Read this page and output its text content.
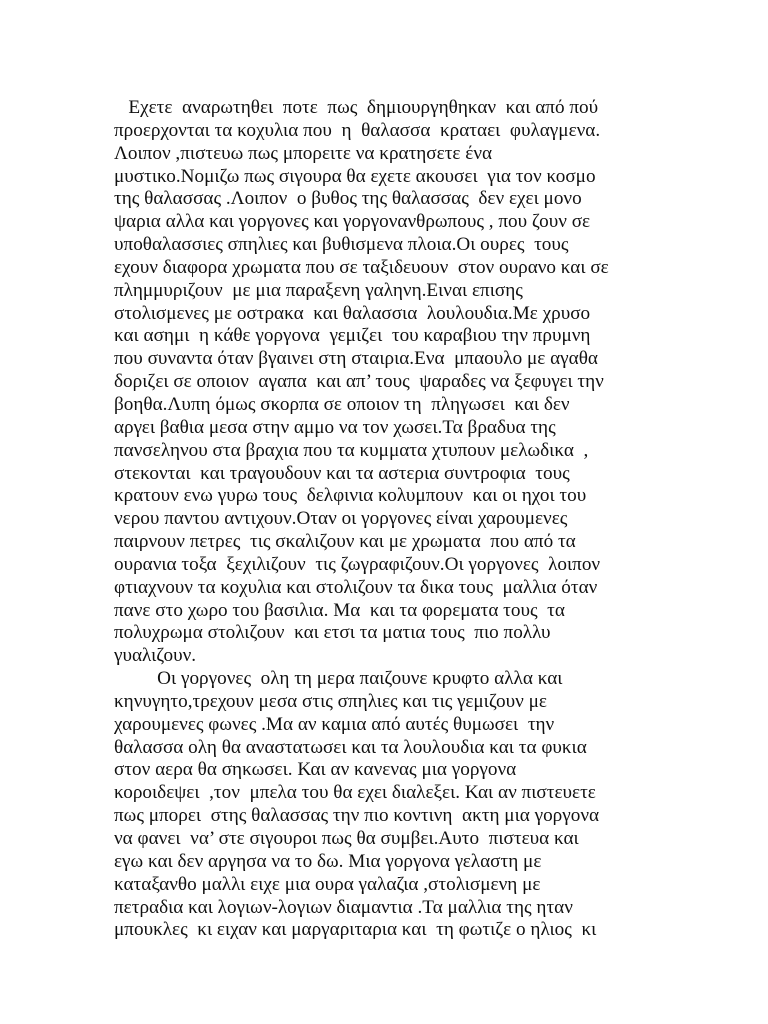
Εχετε  αναρωτηθει  ποτε  πως  δημιουργηθηκαν  και από πού
προερχονται τα κοχυλια που  η  θαλασσα  κραταει  φυλαγμενα.
Λοιπον ,πιστευω πως μπορειτε να κρατησετε ένα
μυστικο.Νομιζω πως σιγουρα θα εχετε ακουσει  για τον κοσμο
της θαλασσας .Λοιπον  ο βυθος της θαλασσας  δεν εχει μονο
ψαρια αλλα και γοργονες και γοργονανθρωπους , που ζουν σε
υποθαλασσιες σπηλιες και βυθισμενα πλοια.Οι ουρες  τους
εχουν διαφορα χρωματα που σε ταξιδευουν  στον ουρανο και σε
πλημμυριζουν  με μια παραξενη γαληνη.Ειναι επισης
στολισμενες με οστρακα  και θαλασσια  λουλουδια.Με χρυσο
και ασημι  η κάθε γοργονα  γεμιζει  του καραβιου την πρυμνη
που συναντα όταν βγαινει στη σταιρια.Ενα  μπαουλο με αγαθα
δοριζει σε οποιον  αγαπα  και απ’ τους  ψαραδες να ξεφυγει την
βοηθα.Λυπη όμως σκορπα σε οποιον τη  πληγωσει  και δεν
αργει βαθια μεσα στην αμμο να τον χωσει.Τα βραδυα της
πανσεληνου στα βραχια που τα κυμματα χτυπουν μελωδικα  ,
στεκονται  και τραγουδουν και τα αστερια συντροφια  τους
κρατουν ενω γυρω τους  δελφινια κολυμπουν  και οι ηχοι του
νερου παντου αντιχουν.Οταν οι γοργονες είναι χαρουμενες
παιρνουν πετρες  τις σκαλιζουν και με χρωματα  που από τα
ουρανια τοξα  ξεχιλιζουν  τις ζωγραφιζουν.Οι γοργονες  λοιπον
φτιαχνουν τα κοχυλια και στολιζουν τα δικα τους  μαλλια όταν
πανε στο χωρο του βασιλια. Μα  και τα φορεματα τους  τα
πολυχρωμα στολιζουν  και ετσι τα ματια τους  πιο πολλυ
γυαλιζουν.
Οι γοργονες  ολη τη μερα παιζουνε κρυφτο αλλα και
κηνυγητο,τρεχουν μεσα στις σπηλιες και τις γεμιζουν με
χαρουμενες φωνες .Μα αν καμια από αυτές θυμωσει  την
θαλασσα ολη θα αναστατωσει και τα λουλουδια και τα φυκια
στον αερα θα σηκωσει. Και αν κανενας μια γοργονα
κοροιδεψει  ,τον  μπελα του θα εχει διαλεξει. Και αν πιστευετε
πως μπορει  στης θαλασσας την πιο κοντινη  ακτη μια γοργονα
να φανει  να’ στε σιγουροι πως θα συμβει.Αυτο  πιστευα και
εγω και δεν αργησα να το δω. Μια γοργονα γελαστη με
καταξανθο μαλλι ειχε μια ουρα γαλαζια ,στολισμενη με
πετραδια και λογιων-λογιων διαμαντια .Τα μαλλια της ηταν
μπουκλες  κι ειχαν και μαργαριταρια και  τη φωτιζε ο ηλιος  κι
